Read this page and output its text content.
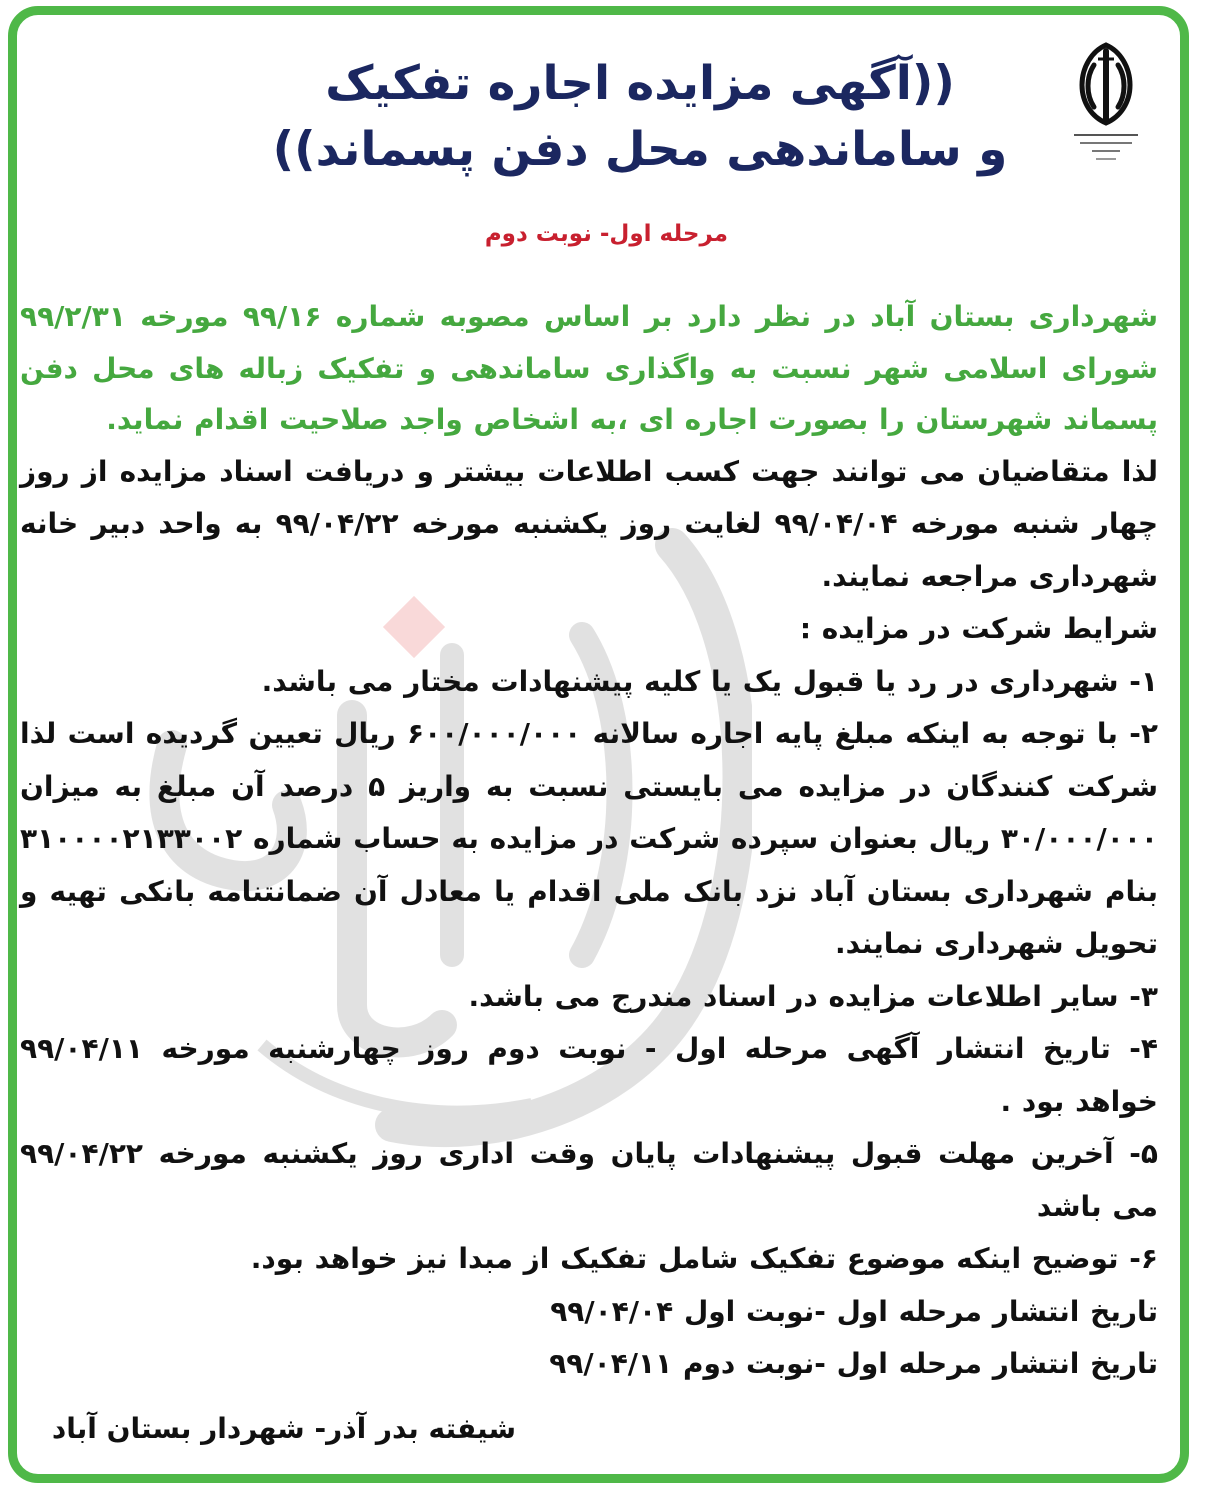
((آگهی مزایده اجاره تفکیک
و ساماندهی محل دفن پسماند))
مرحله اول- نوبت دوم

شهرداری بستان آباد در نظر دارد بر اساس مصوبه شماره ۹۹/۱۶ مورخه ۹۹/۲/۳۱ شورای اسلامی شهر نسبت به واگذاری ساماندهی و تفکیک زباله های محل دفن پسماند شهرستان را بصورت اجاره ای ،به اشخاص واجد صلاحیت اقدام نماید.

لذا متقاضیان می توانند جهت کسب اطلاعات بیشتر و دریافت اسناد مزایده از روز چهار شنبه مورخه ۹۹/۰۴/۰۴ لغایت روز یکشنبه مورخه ۹۹/۰۴/۲۲ به واحد دبیر خانه شهرداری مراجعه نمایند.

شرایط شرکت در مزایده :

۱- شهرداری در رد یا قبول یک یا کلیه پیشنهادات مختار می باشد.

۲- با توجه به اینکه مبلغ پایه اجاره سالانه ۶۰۰/۰۰۰/۰۰۰ ریال تعیین گردیده است لذا شرکت کنندگان در مزایده می بایستی نسبت به واریز ۵ درصد آن مبلغ به میزان ۳۰/۰۰۰/۰۰۰ ریال بعنوان سپرده شرکت در مزایده به حساب شماره ۳۱۰۰۰۰۲۱۳۳۰۰۲ بنام شهرداری بستان آباد نزد بانک ملی اقدام یا معادل آن ضمانتنامه بانکی تهیه و تحویل شهرداری نمایند.

۳- سایر اطلاعات مزایده در اسناد مندرج می باشد.

۴- تاریخ انتشار آگهی مرحله اول - نوبت دوم روز چهارشنبه مورخه ۹۹/۰۴/۱۱ خواهد بود .

۵- آخرین مهلت قبول پیشنهادات پایان وقت اداری روز یکشنبه مورخه ۹۹/۰۴/۲۲ می باشد

۶- توضیح اینکه موضوع تفکیک شامل تفکیک از مبدا نیز خواهد بود.

تاریخ انتشار مرحله اول -نوبت اول ۹۹/۰۴/۰۴

تاریخ انتشار مرحله اول -نوبت دوم ۹۹/۰۴/۱۱

شیفته بدر آذر- شهردار بستان آباد
